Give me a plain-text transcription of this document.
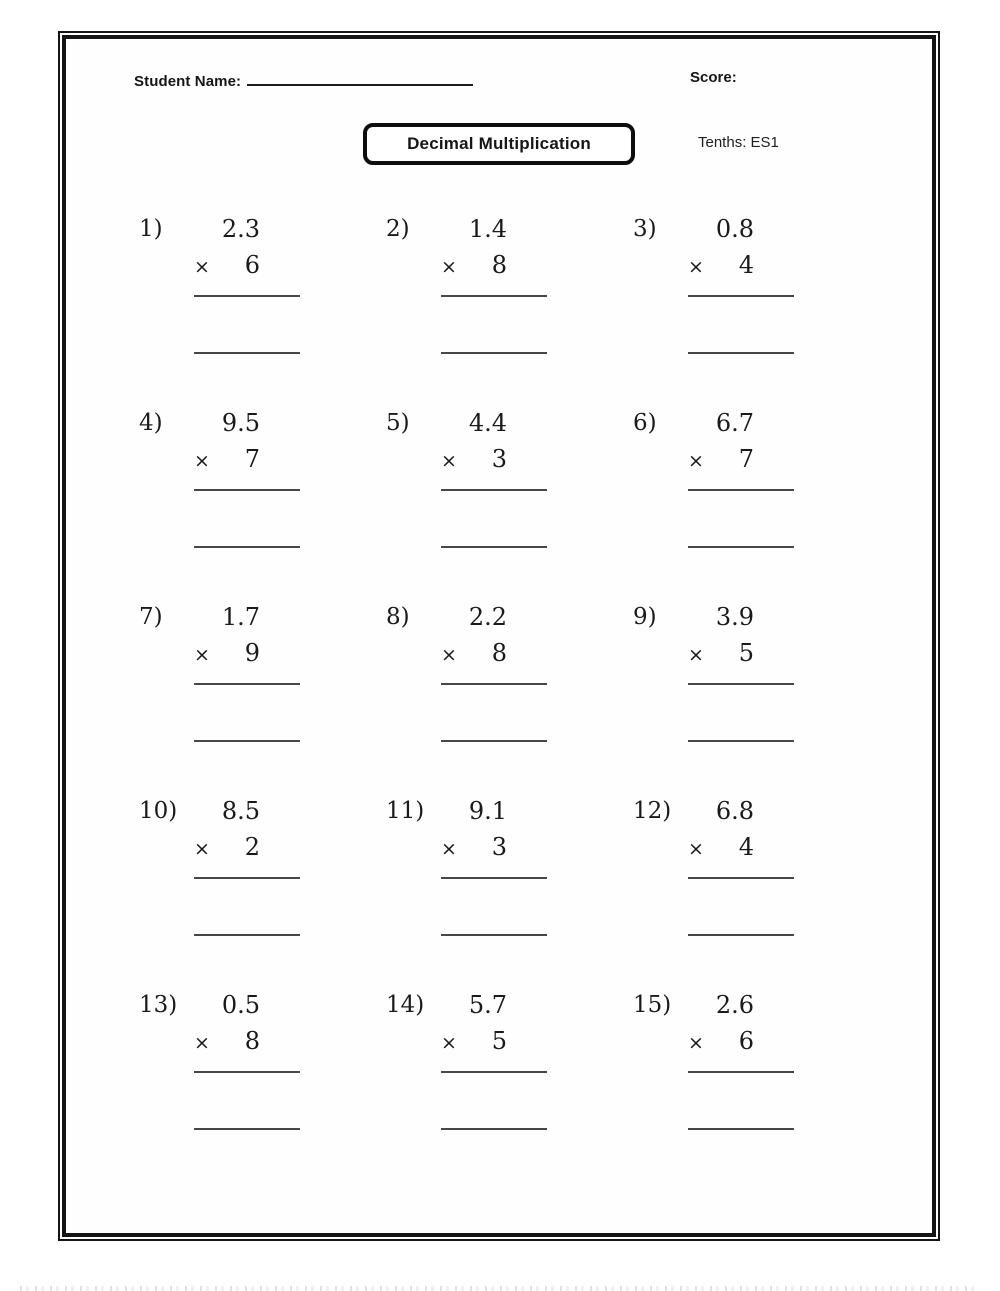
Student Name:	Score:
Decimal Multiplication	Tenths: ES1
1)	2.3
× 6
2)	1.4
× 8
3)	0.8
× 4
4)	9.5
× 7
5)	4.4
× 3
6)	6.7
× 7
7)	1.7
× 9
8)	2.2
× 8
9)	3.9
× 5
10)	8.5
× 2
11)	9.1
× 3
12)	6.8
× 4
13)	0.5
× 8
14)	5.7
× 5
15)	2.6
× 6
